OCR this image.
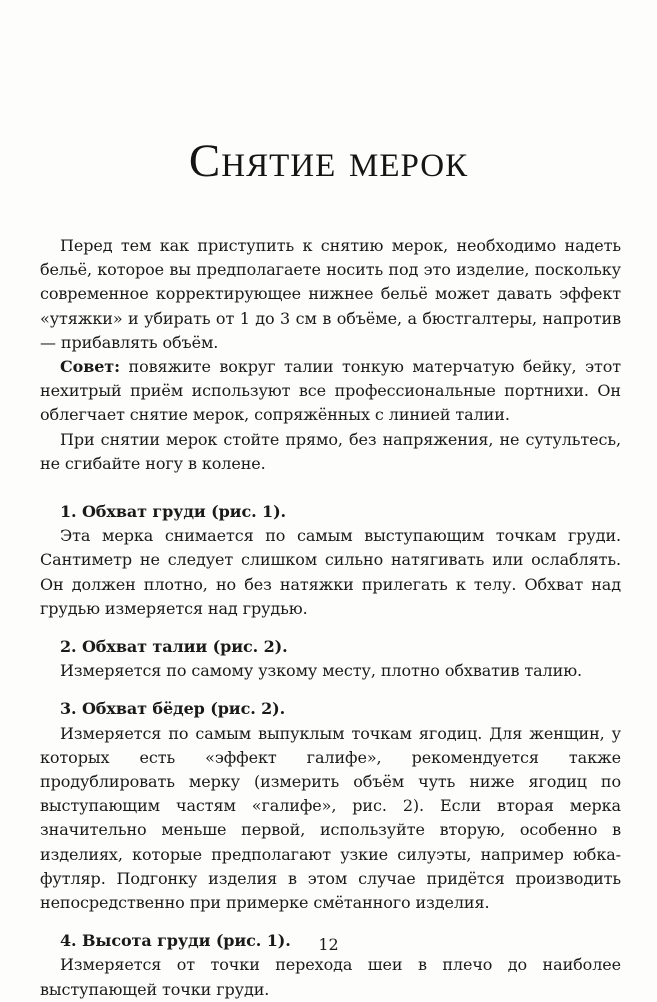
Снятие мерок

Перед тем как приступить к снятию мерок, необходимо надеть бельё, которое вы предполагаете носить под это изделие, поскольку современное корректирующее нижнее бельё может давать эффект «утяжки» и убирать от 1 до 3 см в объёме, а бюстгалтеры, напротив — прибавлять объём.

Совет: повяжите вокруг талии тонкую матерчатую бейку, этот нехитрый приём используют все профессиональные портнихи. Он облегчает снятие мерок, сопряжённых с линией талии.

При снятии мерок стойте прямо, без напряжения, не сутультесь, не сгибайте ногу в колене.

1. Обхват груди (рис. 1).

Эта мерка снимается по самым выступающим точкам груди. Сантиметр не следует слишком сильно натягивать или ослаблять. Он должен плотно, но без натяжки прилегать к телу. Обхват над грудью измеряется над грудью.

2. Обхват талии (рис. 2).

Измеряется по самому узкому месту, плотно обхватив талию.

3. Обхват бёдер (рис. 2).

Измеряется по самым выпуклым точкам ягодиц. Для женщин, у которых есть «эффект галифе», рекомендуется также продублировать мерку (измерить объём чуть ниже ягодиц по выступающим частям «галифе», рис. 2). Если вторая мерка значительно меньше первой, используйте вторую, особенно в изделиях, которые предполагают узкие силуэты, например юбка-футляр. Подгонку изделия в этом случае придётся производить непосредственно при примерке смётанного изделия.

4. Высота груди (рис. 1).

Измеряется от точки перехода шеи в плечо до наиболее выступающей точки груди.

12
